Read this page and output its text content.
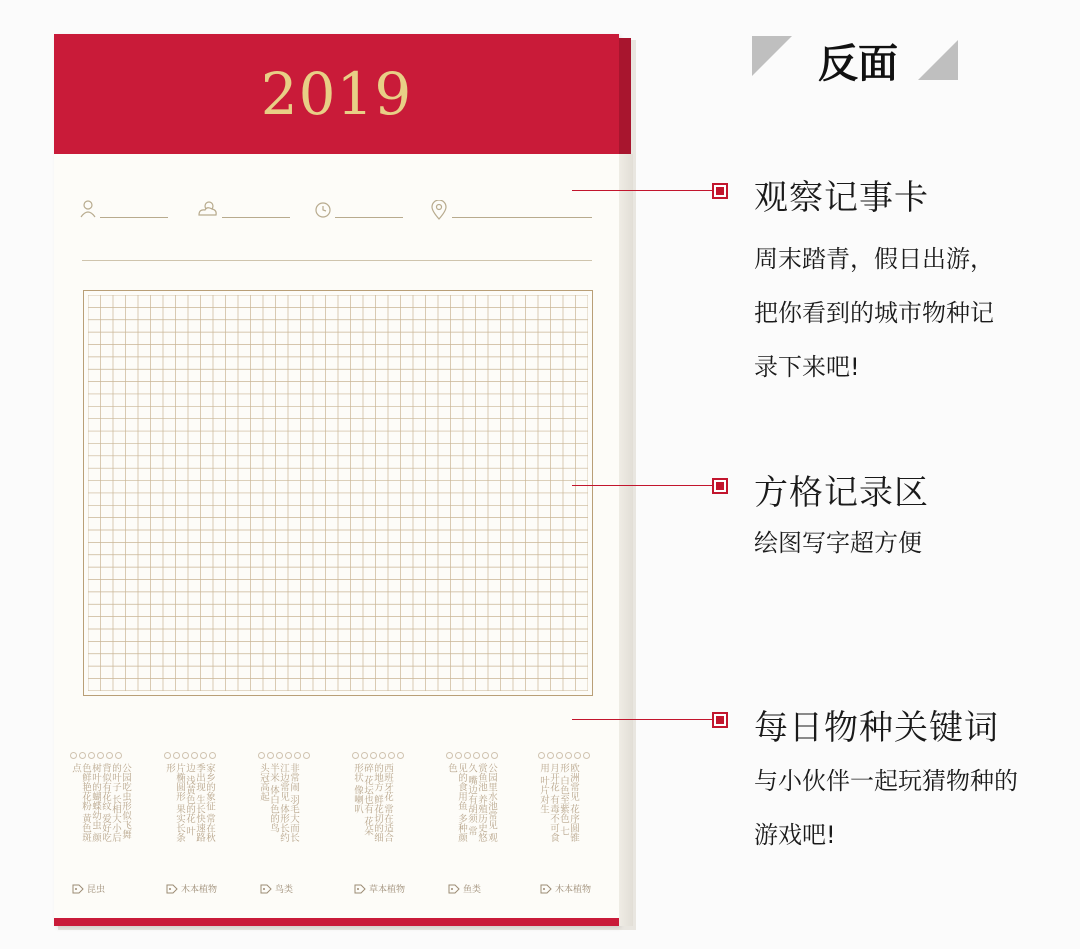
2019
公园吃虫形似飞舞的叶子 长相大小后背似有花纹 爱好吃树叶的蝴蝶幼虫 颜色鲜艳花粉 黄色斑点
昆虫
家乡的象征 常在秋季出现 生长快速路边 浅黄色的花 叶片椭圆形 果实长条形
木本植物
非常闹 羽毛大而长 江边常见 体形长约半米 体白色的鸟 头冠高起
鸟类
西班牙花 常在适合的地方 鲜花切的细碎 花坛也有 花朵形状 像喇叭
草本植物
公园里水池常见 观赏鱼池 养殖历史悠久 嘴边有胡须 常见的食用鱼 多种颜色
鱼类
欧洲常见 花序圆锥形 白色至紫色 七月开花 有毒不可食用 叶片对生
木本植物
反面
观察记事卡
周末踏青，假日出游，
把你看到的城市物种记
录下来吧!
方格记录区
绘图写字超方便
每日物种关键词
与小伙伴一起玩猜物种的
游戏吧!
